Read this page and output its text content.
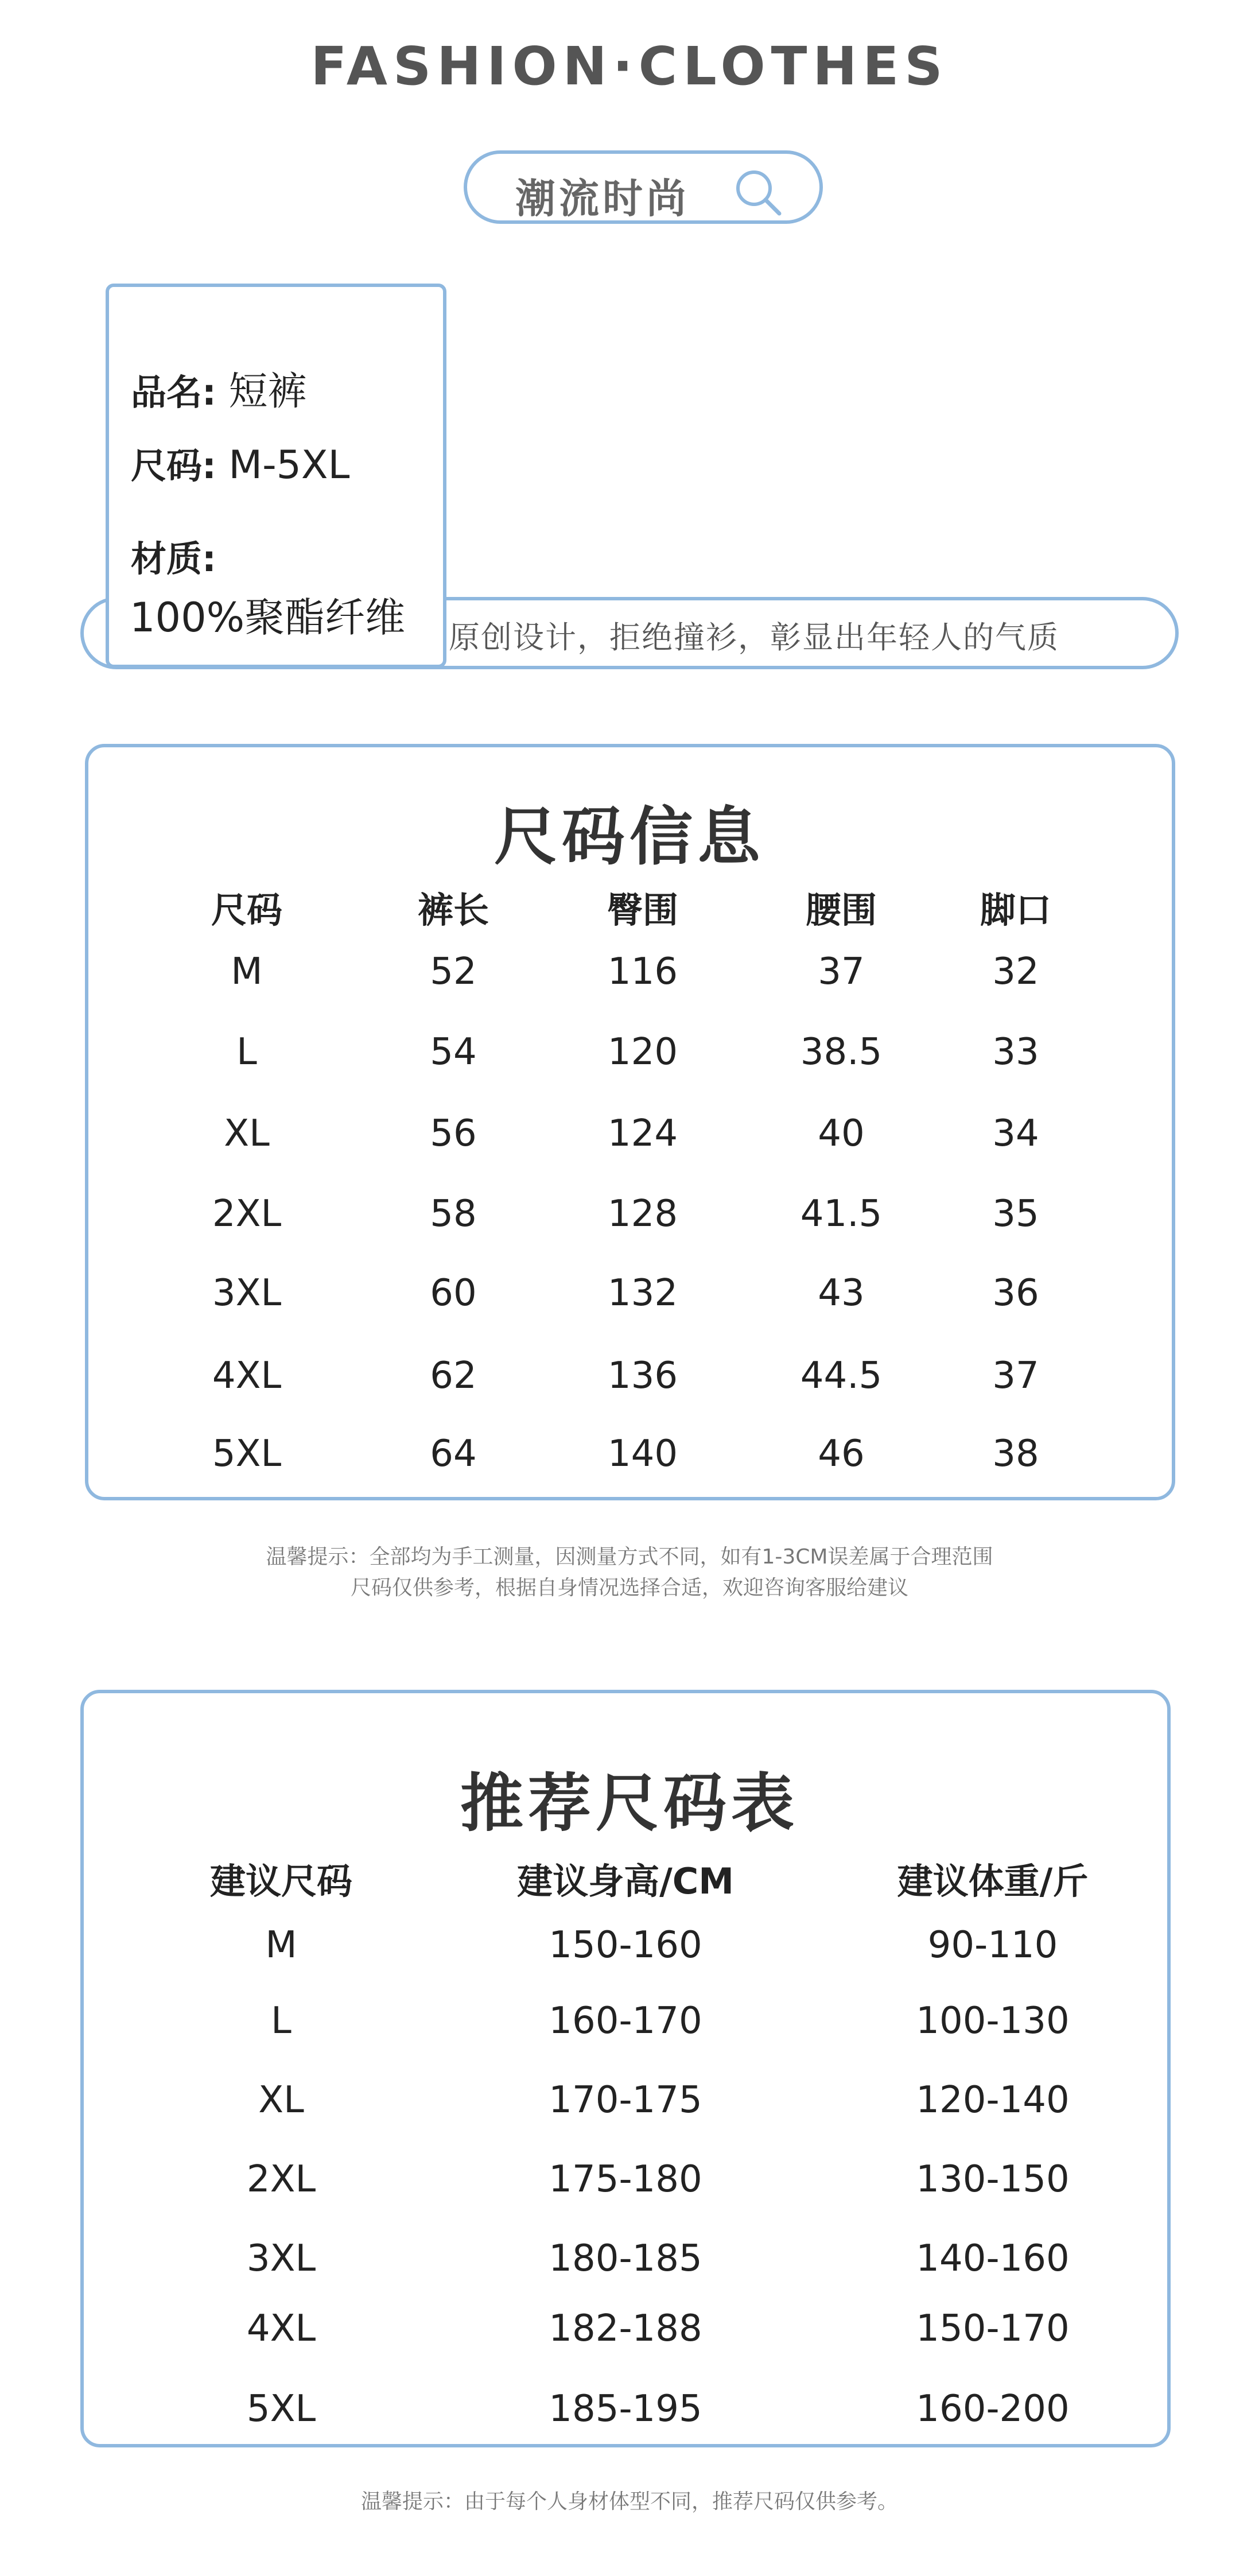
FASHION·CLOTHES
潮流时尚
原创设计，拒绝撞衫，彰显出年轻人的气质
品名: 短裤
尺码: M-5XL
材质:
100%聚酯纤维
尺码信息
尺码	裤长	臀围	腰围	脚口
M	52	116	37	32
L	54	120	38.5	33
XL	56	124	40	34
2XL	58	128	41.5	35
3XL	60	132	43	36
4XL	62	136	44.5	37
5XL	64	140	46	38
温馨提示：全部均为手工测量，因测量方式不同，如有1-3CM误差属于合理范围
尺码仅供参考，根据自身情况选择合适，欢迎咨询客服给建议
推荐尺码表
建议尺码	建议身高/CM	建议体重/斤
M	150-160	90-110
L	160-170	100-130
XL	170-175	120-140
2XL	175-180	130-150
3XL	180-185	140-160
4XL	182-188	150-170
5XL	185-195	160-200
温馨提示：由于每个人身材体型不同，推荐尺码仅供参考。
